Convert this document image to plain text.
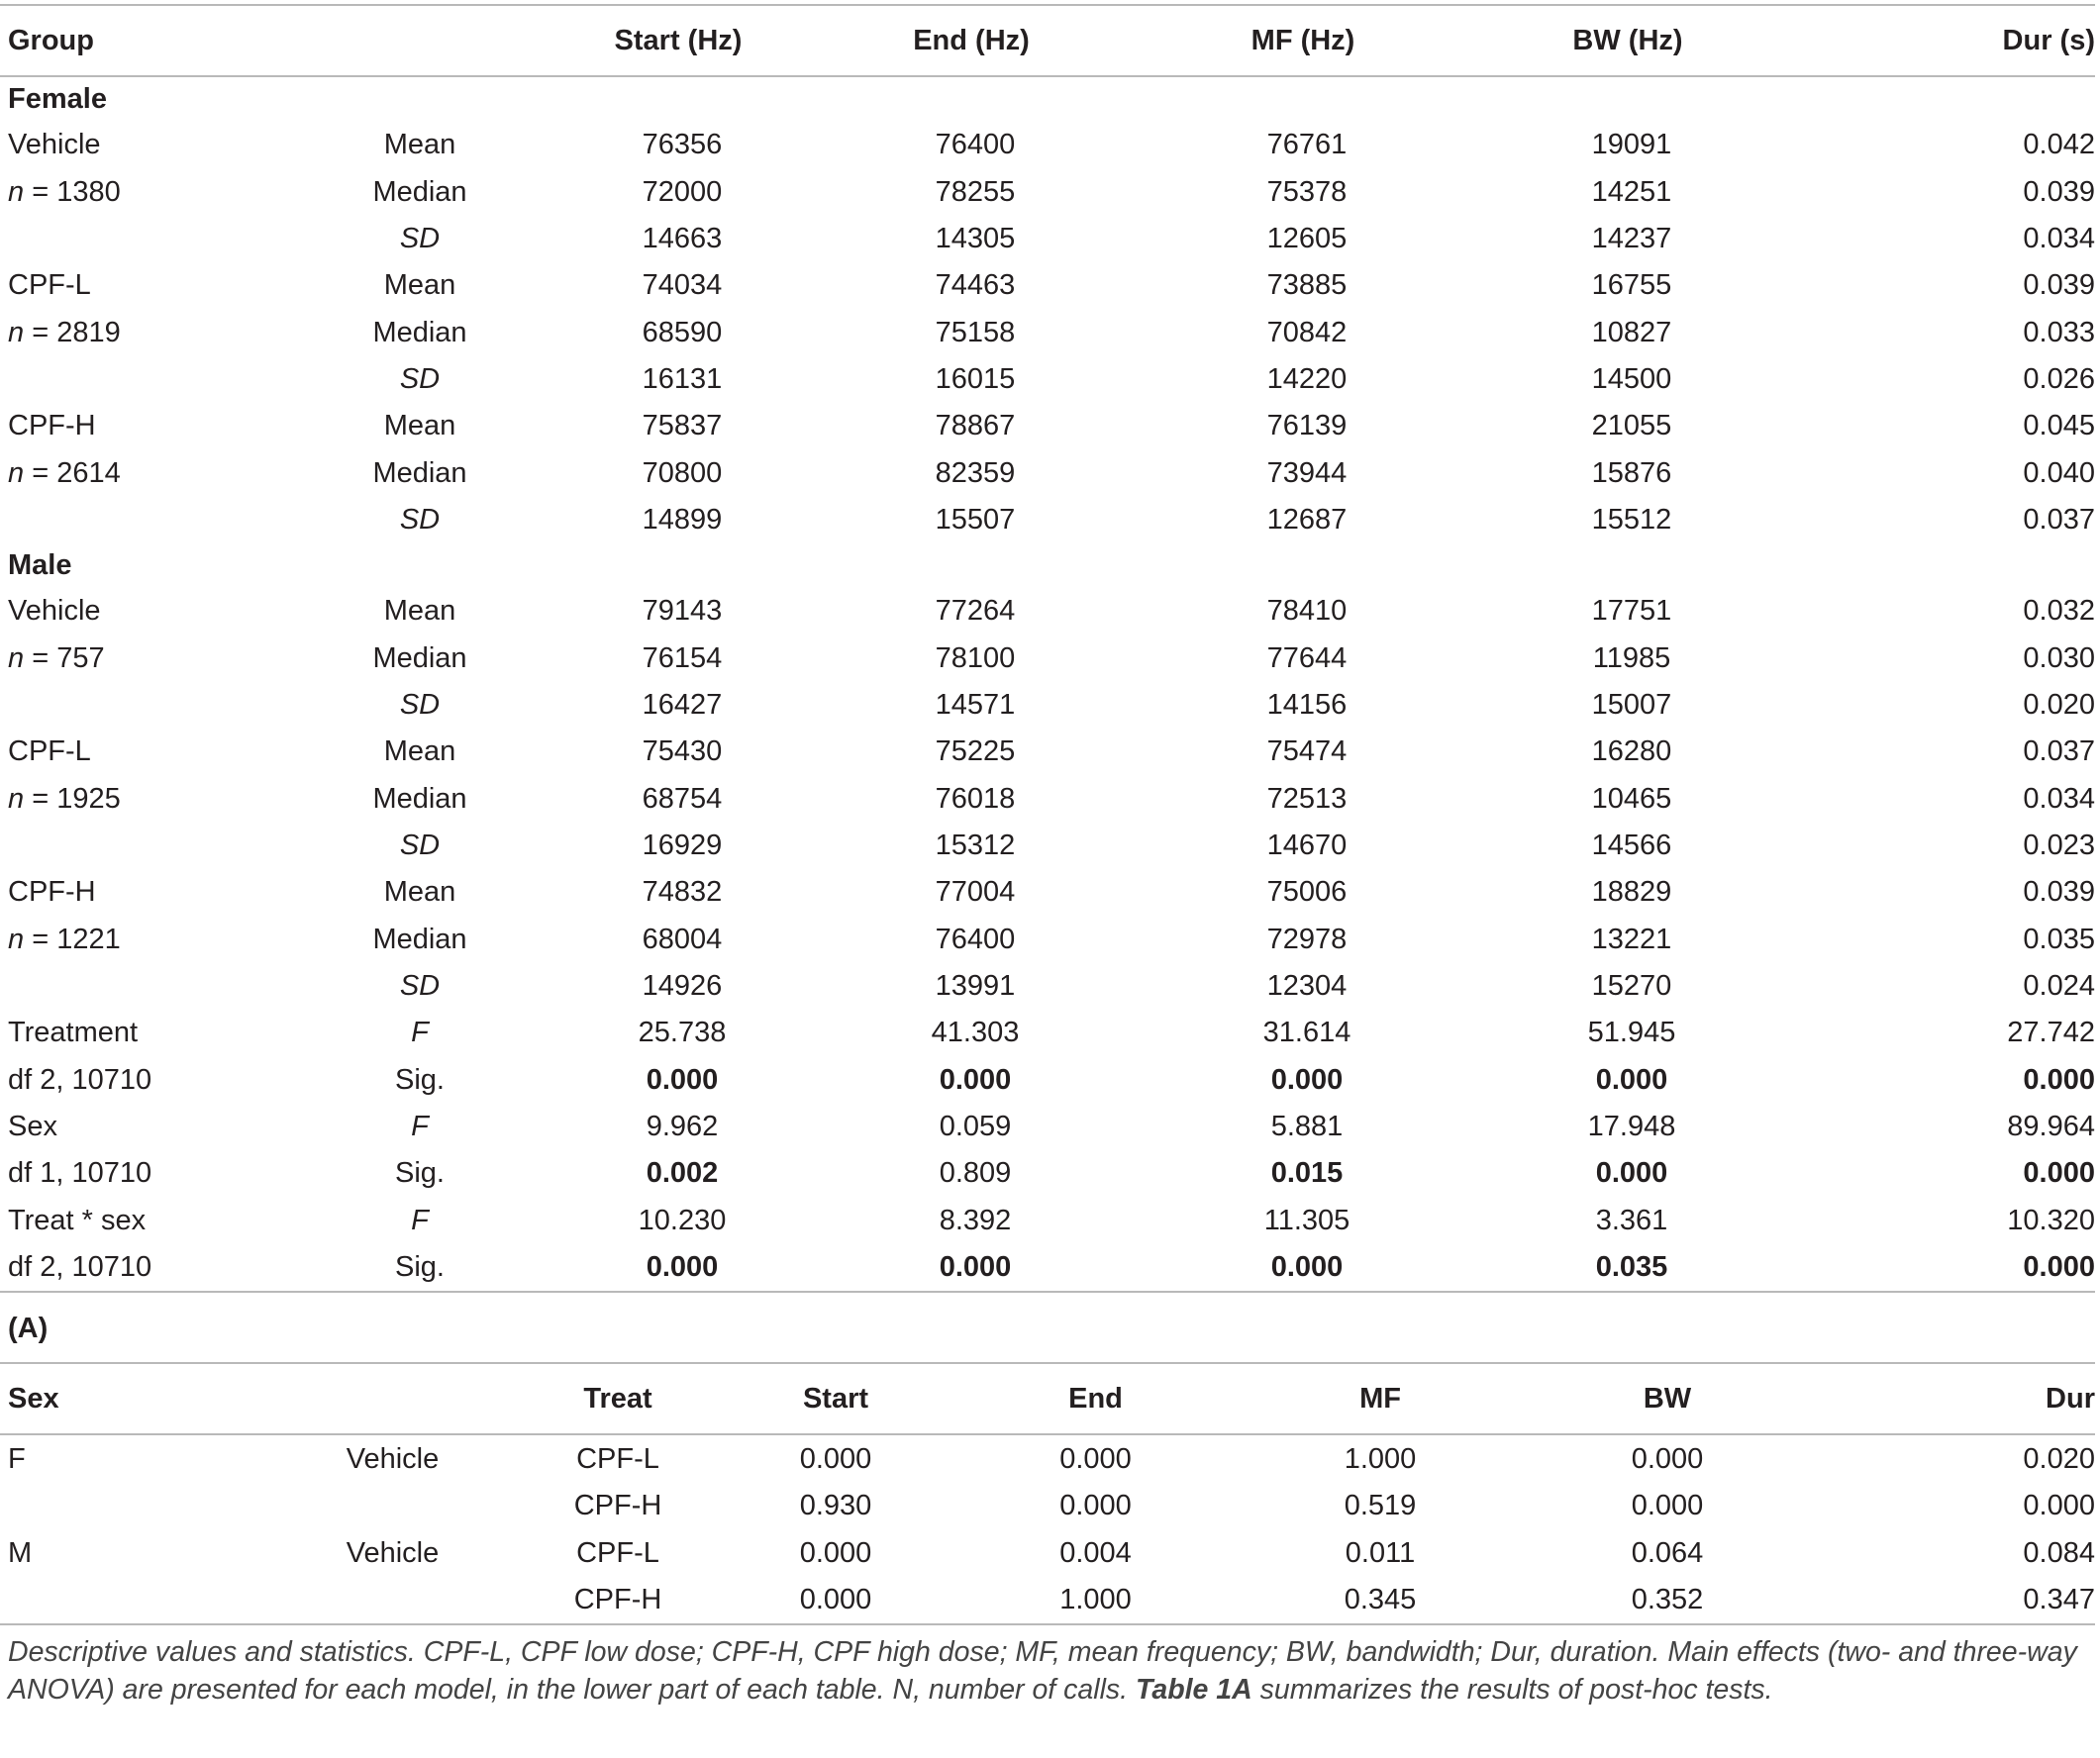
Group		Start (Hz)	End (Hz)	MF (Hz)	BW (Hz)	Dur (s)

Female						
Vehicle	Mean	76356	76400	76761	19091	0.042
n = 1380	Median	72000	78255	75378	14251	0.039
	SD	14663	14305	12605	14237	0.034
CPF-L	Mean	74034	74463	73885	16755	0.039
n = 2819	Median	68590	75158	70842	10827	0.033
	SD	16131	16015	14220	14500	0.026
CPF-H	Mean	75837	78867	76139	21055	0.045
n = 2614	Median	70800	82359	73944	15876	0.040
	SD	14899	15507	12687	15512	0.037
Male						
Vehicle	Mean	79143	77264	78410	17751	0.032
n = 757	Median	76154	78100	77644	11985	0.030
	SD	16427	14571	14156	15007	0.020
CPF-L	Mean	75430	75225	75474	16280	0.037
n = 1925	Median	68754	76018	72513	10465	0.034
	SD	16929	15312	14670	14566	0.023
CPF-H	Mean	74832	77004	75006	18829	0.039
n = 1221	Median	68004	76400	72978	13221	0.035
	SD	14926	13991	12304	15270	0.024
Treatment	F	25.738	41.303	31.614	51.945	27.742
df 2, 10710	Sig.	0.000	0.000	0.000	0.000	0.000
Sex	F	9.962	0.059	5.881	17.948	89.964
df 1, 10710	Sig.	0.002	0.809	0.015	0.000	0.000
Treat * sex	F	10.230	8.392	11.305	3.361	10.320
df 2, 10710	Sig.	0.000	0.000	0.000	0.035	0.000
(A)
Sex		Treat	Start	End	MF	BW	Dur

F	Vehicle	CPF-L	0.000	0.000	1.000	0.000	0.020
		CPF-H	0.930	0.000	0.519	0.000	0.000
M	Vehicle	CPF-L	0.000	0.004	0.011	0.064	0.084
		CPF-H	0.000	1.000	0.345	0.352	0.347
Descriptive values and statistics. CPF-L, CPF low dose; CPF-H, CPF high dose; MF, mean frequency; BW, bandwidth; Dur, duration. Main effects (two- and three-way ANOVA) are presented for each model, in the lower part of each table. N, number of calls. Table 1A summarizes the results of post-hoc tests.
